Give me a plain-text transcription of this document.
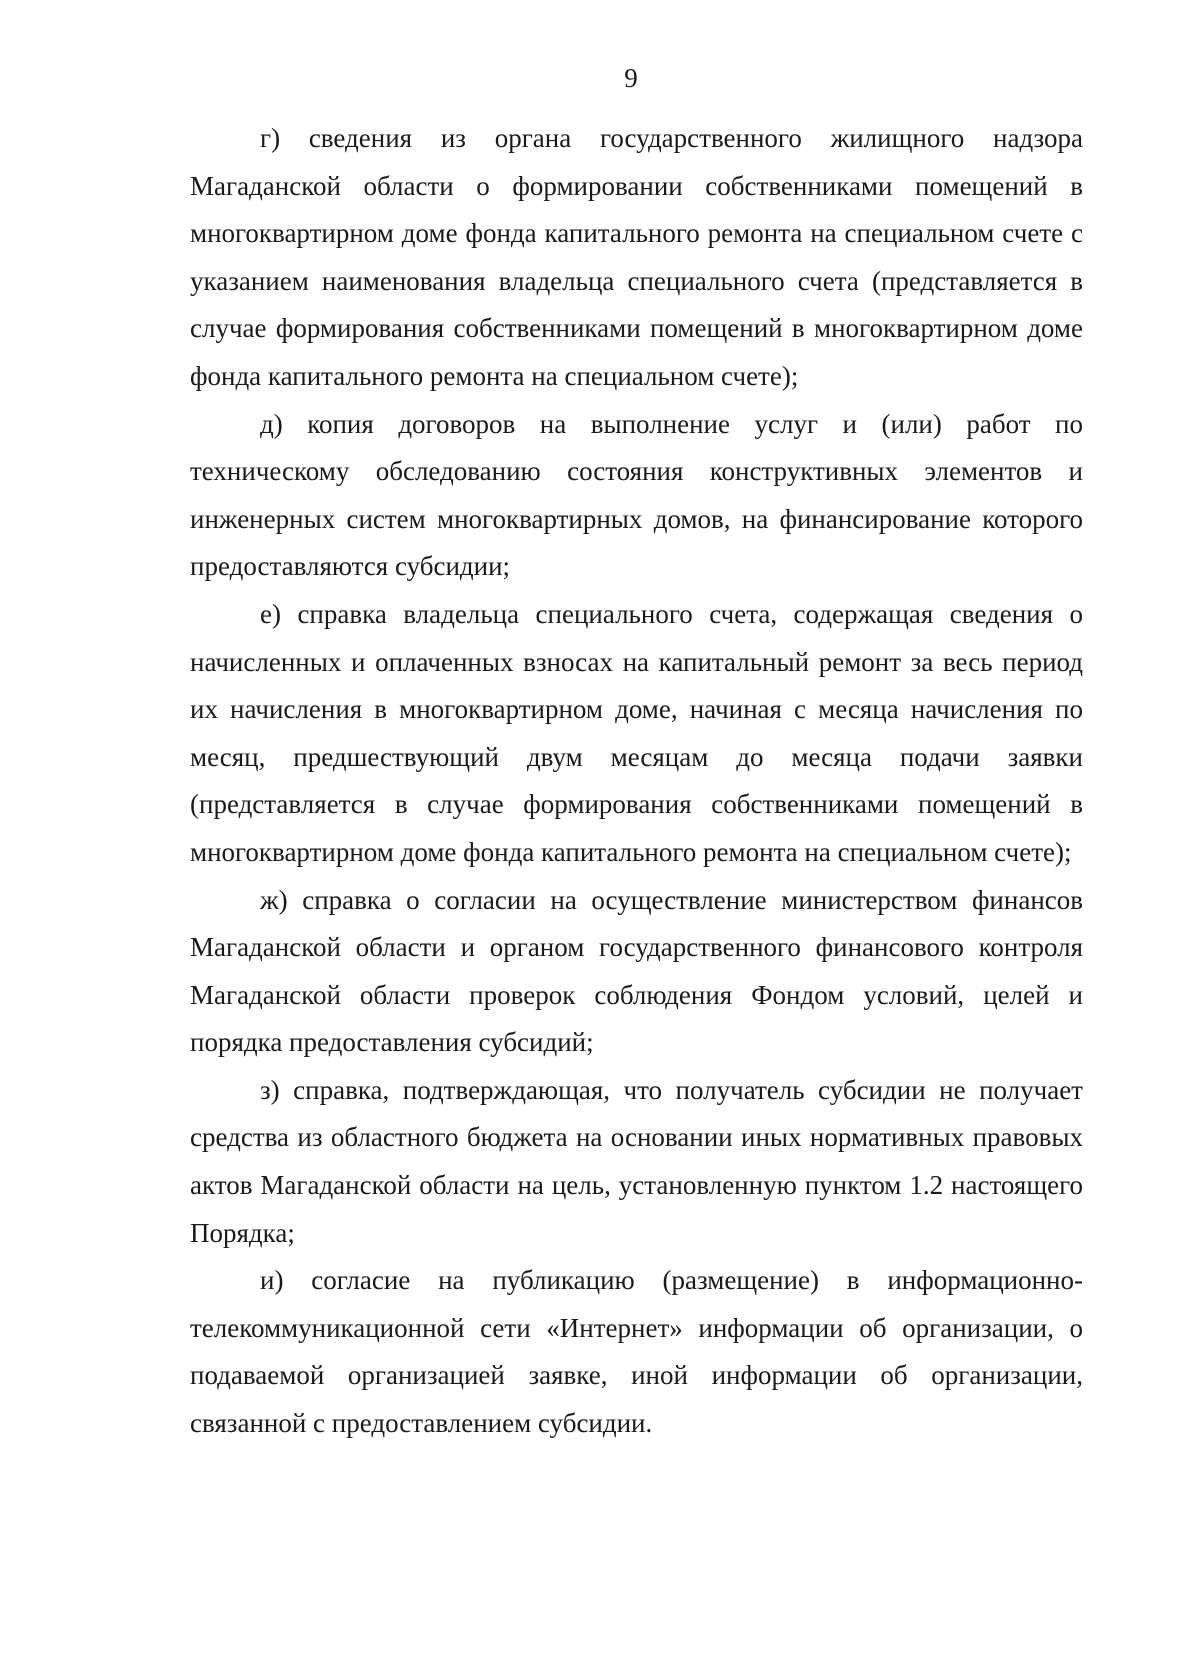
9

г) сведения из органа государственного жилищного надзора Магаданской области о формировании собственниками помещений в многоквартирном доме фонда капитального ремонта на специальном счете с указанием наименования владельца специального счета (представляется в случае формирования собственниками помещений в многоквартирном доме фонда капитального ремонта на специальном счете);

д) копия договоров на выполнение услуг и (или) работ по техническому обследованию состояния конструктивных элементов и инженерных систем многоквартирных домов, на финансирование которого предоставляются субсидии;

е) справка владельца специального счета, содержащая сведения о начисленных и оплаченных взносах на капитальный ремонт за весь период их начисления в многоквартирном доме, начиная с месяца начисления по месяц, предшествующий двум месяцам до месяца подачи заявки (представляется в случае формирования собственниками помещений в многоквартирном доме фонда капитального ремонта на специальном счете);

ж) справка о согласии на осуществление министерством финансов Магаданской области и органом государственного финансового контроля Магаданской области проверок соблюдения Фондом условий, целей и порядка предоставления субсидий;

з) справка, подтверждающая, что получатель субсидии не получает средства из областного бюджета на основании иных нормативных правовых актов Магаданской области на цель, установленную пунктом 1.2 настоящего Порядка;

и) согласие на публикацию (размещение) в информационно-телекоммуникационной сети «Интернет» информации об организации, о подаваемой организацией заявке, иной информации об организации, связанной с предоставлением субсидии.
